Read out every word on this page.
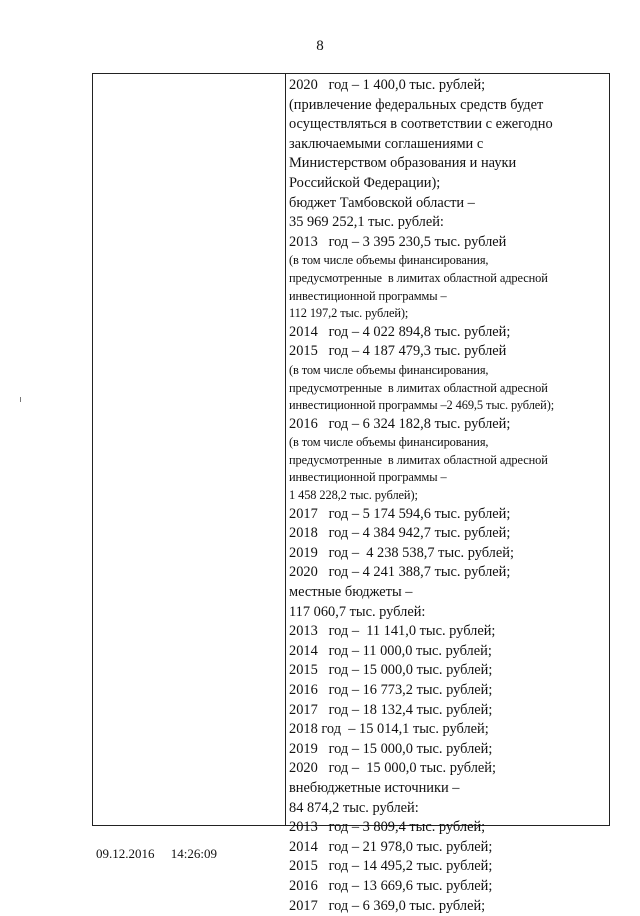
8
2020   год – 1 400,0 тыс. рублей;
(привлечение федеральных средств будет
осуществляться в соответствии с ежегодно
заключаемыми соглашениями с
Министерством образования и науки
Российской Федерации);
бюджет Тамбовской области –
35 969 252,1 тыс. рублей:
2013   год – 3 395 230,5 тыс. рублей
(в том числе объемы финансирования,
предусмотренные  в лимитах областной адресной
инвестиционной программы –
112 197,2 тыс. рублей);
2014   год – 4 022 894,8 тыс. рублей;
2015   год – 4 187 479,3 тыс. рублей
(в том числе объемы финансирования,
предусмотренные  в лимитах областной адресной
инвестиционной программы –2 469,5 тыс. рублей);
2016   год – 6 324 182,8 тыс. рублей;
(в том числе объемы финансирования,
предусмотренные  в лимитах областной адресной
инвестиционной программы –
1 458 228,2 тыс. рублей);
2017   год – 5 174 594,6 тыс. рублей;
2018   год – 4 384 942,7 тыс. рублей;
2019   год –  4 238 538,7 тыс. рублей;
2020   год – 4 241 388,7 тыс. рублей;
местные бюджеты –
117 060,7 тыс. рублей:
2013   год –  11 141,0 тыс. рублей;
2014   год – 11 000,0 тыс. рублей;
2015   год – 15 000,0 тыс. рублей;
2016   год – 16 773,2 тыс. рублей;
2017   год – 18 132,4 тыс. рублей;
2018 год  – 15 014,1 тыс. рублей;
2019   год – 15 000,0 тыс. рублей;
2020   год –  15 000,0 тыс. рублей;
внебюджетные источники –
84 874,2 тыс. рублей:
2013   год – 3 809,4 тыс. рублей;
2014   год – 21 978,0 тыс. рублей;
2015   год – 14 495,2 тыс. рублей;
2016   год – 13 669,6 тыс. рублей;
2017   год – 6 369,0 тыс. рублей;
09.12.2016 14:26:09
